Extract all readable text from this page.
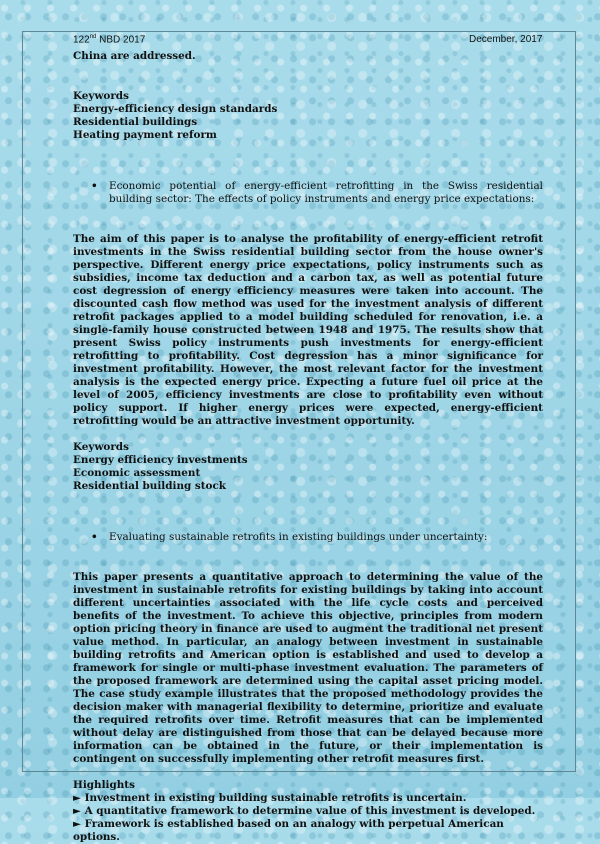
122nd NBD 2017	December, 2017

China are addressed.

Keywords

Energy-efficiency design standards

Residential buildings

Heating payment reform

•	Economic potential of energy-efficient retrofitting in the Swiss residential building sector: The effects of policy instruments and energy price expectations:

The aim of this paper is to analyse the profitability of energy-efficient retrofit investments in the Swiss residential building sector from the house owner's perspective. Different energy price expectations, policy instruments such as subsidies, income tax deduction and a carbon tax, as well as potential future cost degression of energy efficiency measures were taken into account. The discounted cash flow method was used for the investment analysis of different retrofit packages applied to a model building scheduled for renovation, i.e. a single-family house constructed between 1948 and 1975. The results show that present Swiss policy instruments push investments for energy-efficient retrofitting to profitability. Cost degression has a minor significance for investment profitability. However, the most relevant factor for the investment analysis is the expected energy price. Expecting a future fuel oil price at the level of 2005, efficiency investments are close to profitability even without policy support. If higher energy prices were expected, energy-efficient retrofitting would be an attractive investment opportunity.

Keywords

Energy efficiency investments

Economic assessment

Residential building stock

•	Evaluating sustainable retrofits in existing buildings under uncertainty:

This paper presents a quantitative approach to determining the value of the investment in sustainable retrofits for existing buildings by taking into account different uncertainties associated with the life cycle costs and perceived benefits of the investment. To achieve this objective, principles from modern option pricing theory in finance are used to augment the traditional net present value method. In particular, an analogy between investment in sustainable building retrofits and American option is established and used to develop a framework for single or multi-phase investment evaluation. The parameters of the proposed framework are determined using the capital asset pricing model. The case study example illustrates that the proposed methodology provides the decision maker with managerial flexibility to determine, prioritize and evaluate the required retrofits over time. Retrofit measures that can be implemented without delay are distinguished from those that can be delayed because more information can be obtained in the future, or their implementation is contingent on successfully implementing other retrofit measures first.

Highlights

► Investment in existing building sustainable retrofits is uncertain.

► A quantitative framework to determine value of this investment is developed.

► Framework is established based on an analogy with perpetual American options.
